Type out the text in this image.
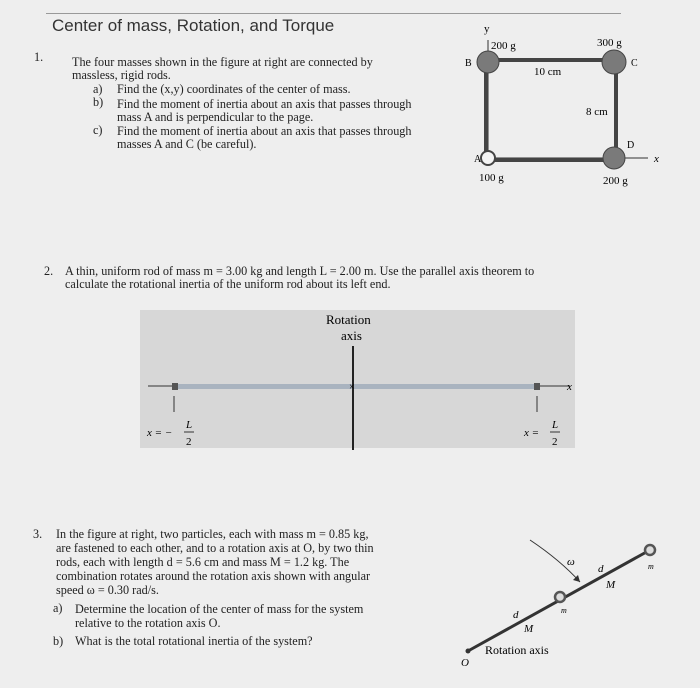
Center of mass, Rotation, and Torque
1. The four masses shown in the figure at right are connected by
massless, rigid rods.
a) Find the (x,y) coordinates of the center of mass.
b) Find the moment of inertia about an axis that passes through
mass A and is perpendicular to the page.
c) Find the moment of inertia about an axis that passes through
masses A and C (be careful).
y
x
200 g	300 g
100 g	200 g
B	C
A
D
10 cm
8 cm
2. A thin, uniform rod of mass m = 3.00 kg and length L = 2.00 m. Use the parallel axis theorem to
calculate the rotational inertia of the uniform rod about its left end.
×
Rotation
axis
x
x = −
L
2
x =
L
2
3. In the figure at right, two particles, each with mass m = 0.85 kg,
are fastened to each other, and to a rotation axis at O, by two thin
rods, each with length d = 5.6 cm and mass M = 1.2 kg. The
combination rotates around the rotation axis shown with angular
speed ω = 0.30 rad/s.
a) Determine the location of the center of mass for the system
relative to the rotation axis O.
b) What is the total rotational inertia of the system?
ω
d
d
M
M
m
m
O
Rotation axis
